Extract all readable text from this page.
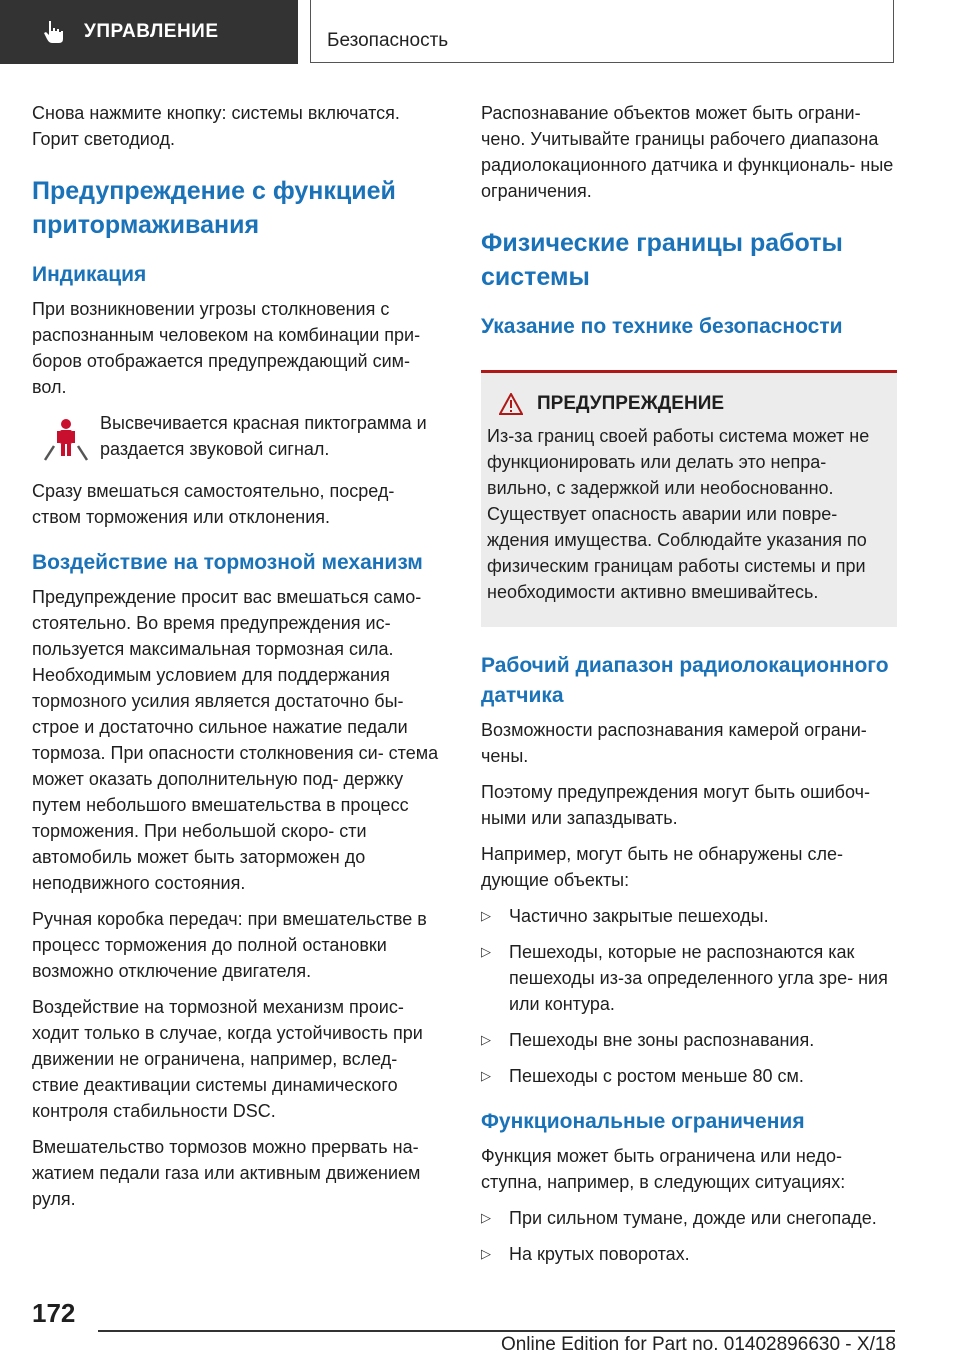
УПРАВЛЕНИЕ	Безопасность

Снова нажмите кнопку: системы включатся. Горит светодиод.

Предупреждение с функцией притормаживания
Индикация

При возникновении угрозы столкновения с распознанным человеком на комбинации при- боров отображается предупреждающий сим- вол.

Высвечивается красная пиктограмма и раздается звуковой сигнал.

Сразу вмешаться самостоятельно, посред- ством торможения или отклонения.

Воздействие на тормозной механизм

Предупреждение просит вас вмешаться само- стоятельно. Во время предупреждения ис- пользуется максимальная тормозная сила. Необходимым условием для поддержания тормозного усилия является достаточно бы- строе и достаточно сильное нажатие педали тормоза. При опасности столкновения си- стема может оказать дополнительную под- держку путем небольшого вмешательства в процесс торможения. При небольшой скоро- сти автомобиль может быть заторможен до неподвижного состояния.

Ручная коробка передач: при вмешательстве в процесс торможения до полной остановки возможно отключение двигателя.

Воздействие на тормозной механизм проис- ходит только в случае, когда устойчивость при движении не ограничена, например, вслед- ствие деактивации системы динамического контроля стабильности DSC.

Вмешательство тормозов можно прервать на- жатием педали газа или активным движением руля.

Распознавание объектов может быть ограни- чено. Учитывайте границы рабочего диапазона радиолокационного датчика и функциональ- ные ограничения.

Физические границы работы системы
Указание по технике безопасности
ПРЕДУПРЕЖДЕНИЕ

Из-за границ своей работы система может не функционировать или делать это непра- вильно, с задержкой или необоснованно. Существует опасность аварии или повре- ждения имущества. Соблюдайте указания по физическим границам работы системы и при необходимости активно вмешивайтесь.

Рабочий диапазон радиолокационного датчика

Возможности распознавания камерой ограни- чены.

Поэтому предупреждения могут быть ошибоч- ными или запаздывать.

Например, могут быть не обнаружены сле- дующие объекты:

▷ Частично закрытые пешеходы.
▷ Пешеходы, которые не распознаются как пешеходы из-за определенного угла зре- ния или контура.
▷ Пешеходы вне зоны распознавания.
▷ Пешеходы с ростом меньше 80 см.
Функциональные ограничения

Функция может быть ограничена или недо- ступна, например, в следующих ситуациях:

▷ При сильном тумане, дожде или снегопаде.
▷ На крутых поворотах.
172
Online Edition for Part no. 01402896630 - X/18
